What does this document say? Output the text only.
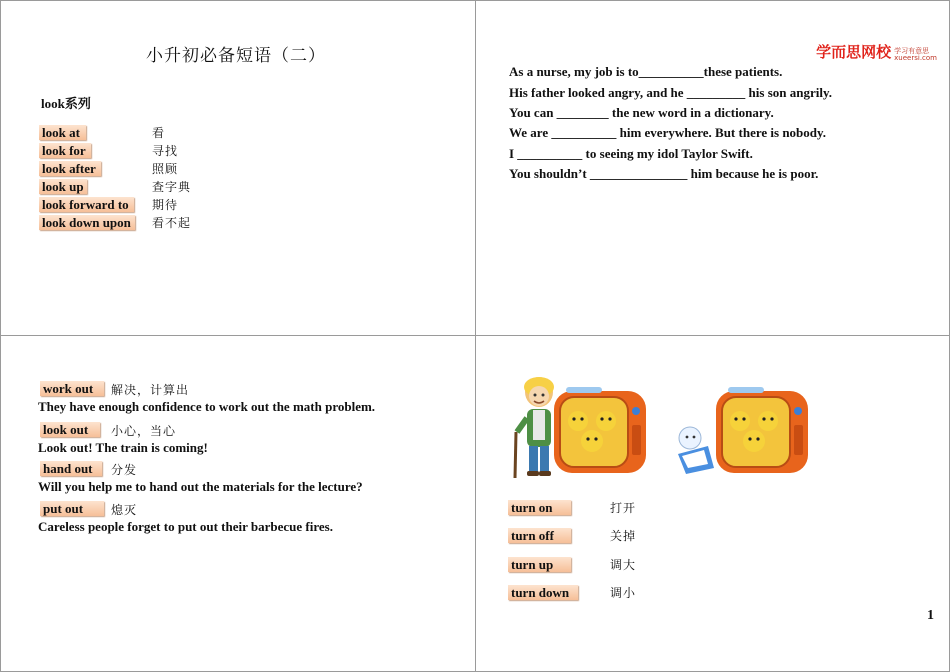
小升初必备短语（二）
look系列
look at	看
look for	寻找
look after	照顾
look up	查字典
look forward to	期待
look down upon	看不起
学而思网校 学习有意思
xueersi.com
As a nurse, my job is to__________these patients.
His father looked angry, and he _________ his son angrily.
You can ________ the new word in a dictionary.
We are __________ him everywhere. But there is nobody.
I __________ to seeing my idol Taylor Swift.
You shouldn’t _______________ him because he is poor.
work out	解决，计算出
They have enough confidence to work out the math problem.
look out	小心，当心
Look out! The train is coming!
hand out	分发
Will you help me to hand out the materials for the lecture?
put out	熄灭
Careless people forget to put out their barbecue fires.
turn on	打开
turn off	关掉
turn up	调大
turn down	调小
1
